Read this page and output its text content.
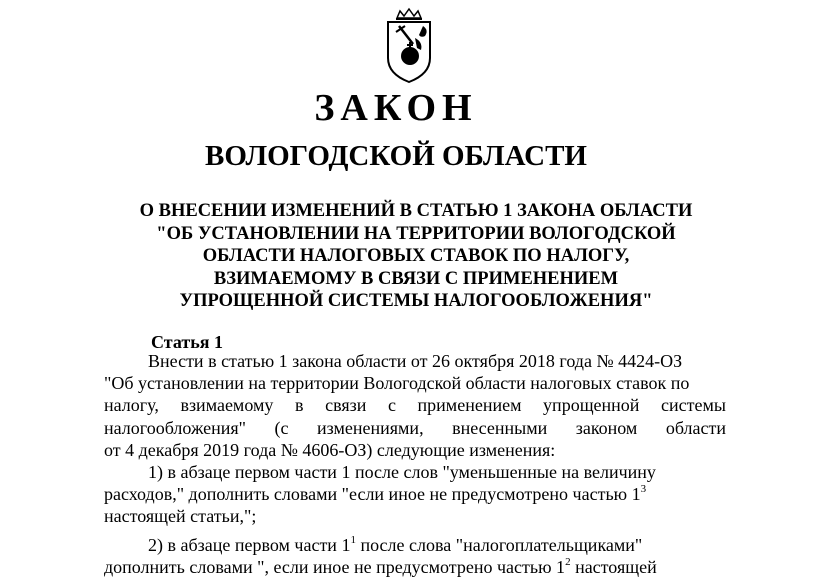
ЗАКОН
ВОЛОГОДСКОЙ ОБЛАСТИ
О ВНЕСЕНИИ ИЗМЕНЕНИЙ В СТАТЬЮ 1 ЗАКОНА ОБЛАСТИ
"ОБ УСТАНОВЛЕНИИ НА ТЕРРИТОРИИ ВОЛОГОДСКОЙ
ОБЛАСТИ НАЛОГОВЫХ СТАВОК ПО НАЛОГУ,
ВЗИМАЕМОМУ В СВЯЗИ С ПРИМЕНЕНИЕМ
УПРОЩЕННОЙ СИСТЕМЫ НАЛОГООБЛОЖЕНИЯ"
Статья 1
Внести в статью 1 закона области от 26 октября 2018 года № 4424-ОЗ
"Об установлении на территории Вологодской области налоговых ставок по
налогу, взимаемому в связи с применением упрощенной системы
налогообложения" (с изменениями, внесенными законом области
от 4 декабря 2019 года № 4606-ОЗ) следующие изменения:
1) в абзаце первом части 1 после слов "уменьшенные на величину
расходов," дополнить словами "если иное не предусмотрено частью $1^3$
настоящей статьи,";
2) в абзаце первом части $1^1$ после слова "налогоплательщиками"
дополнить словами ", если иное не предусмотрено частью $1^2$ настоящей
